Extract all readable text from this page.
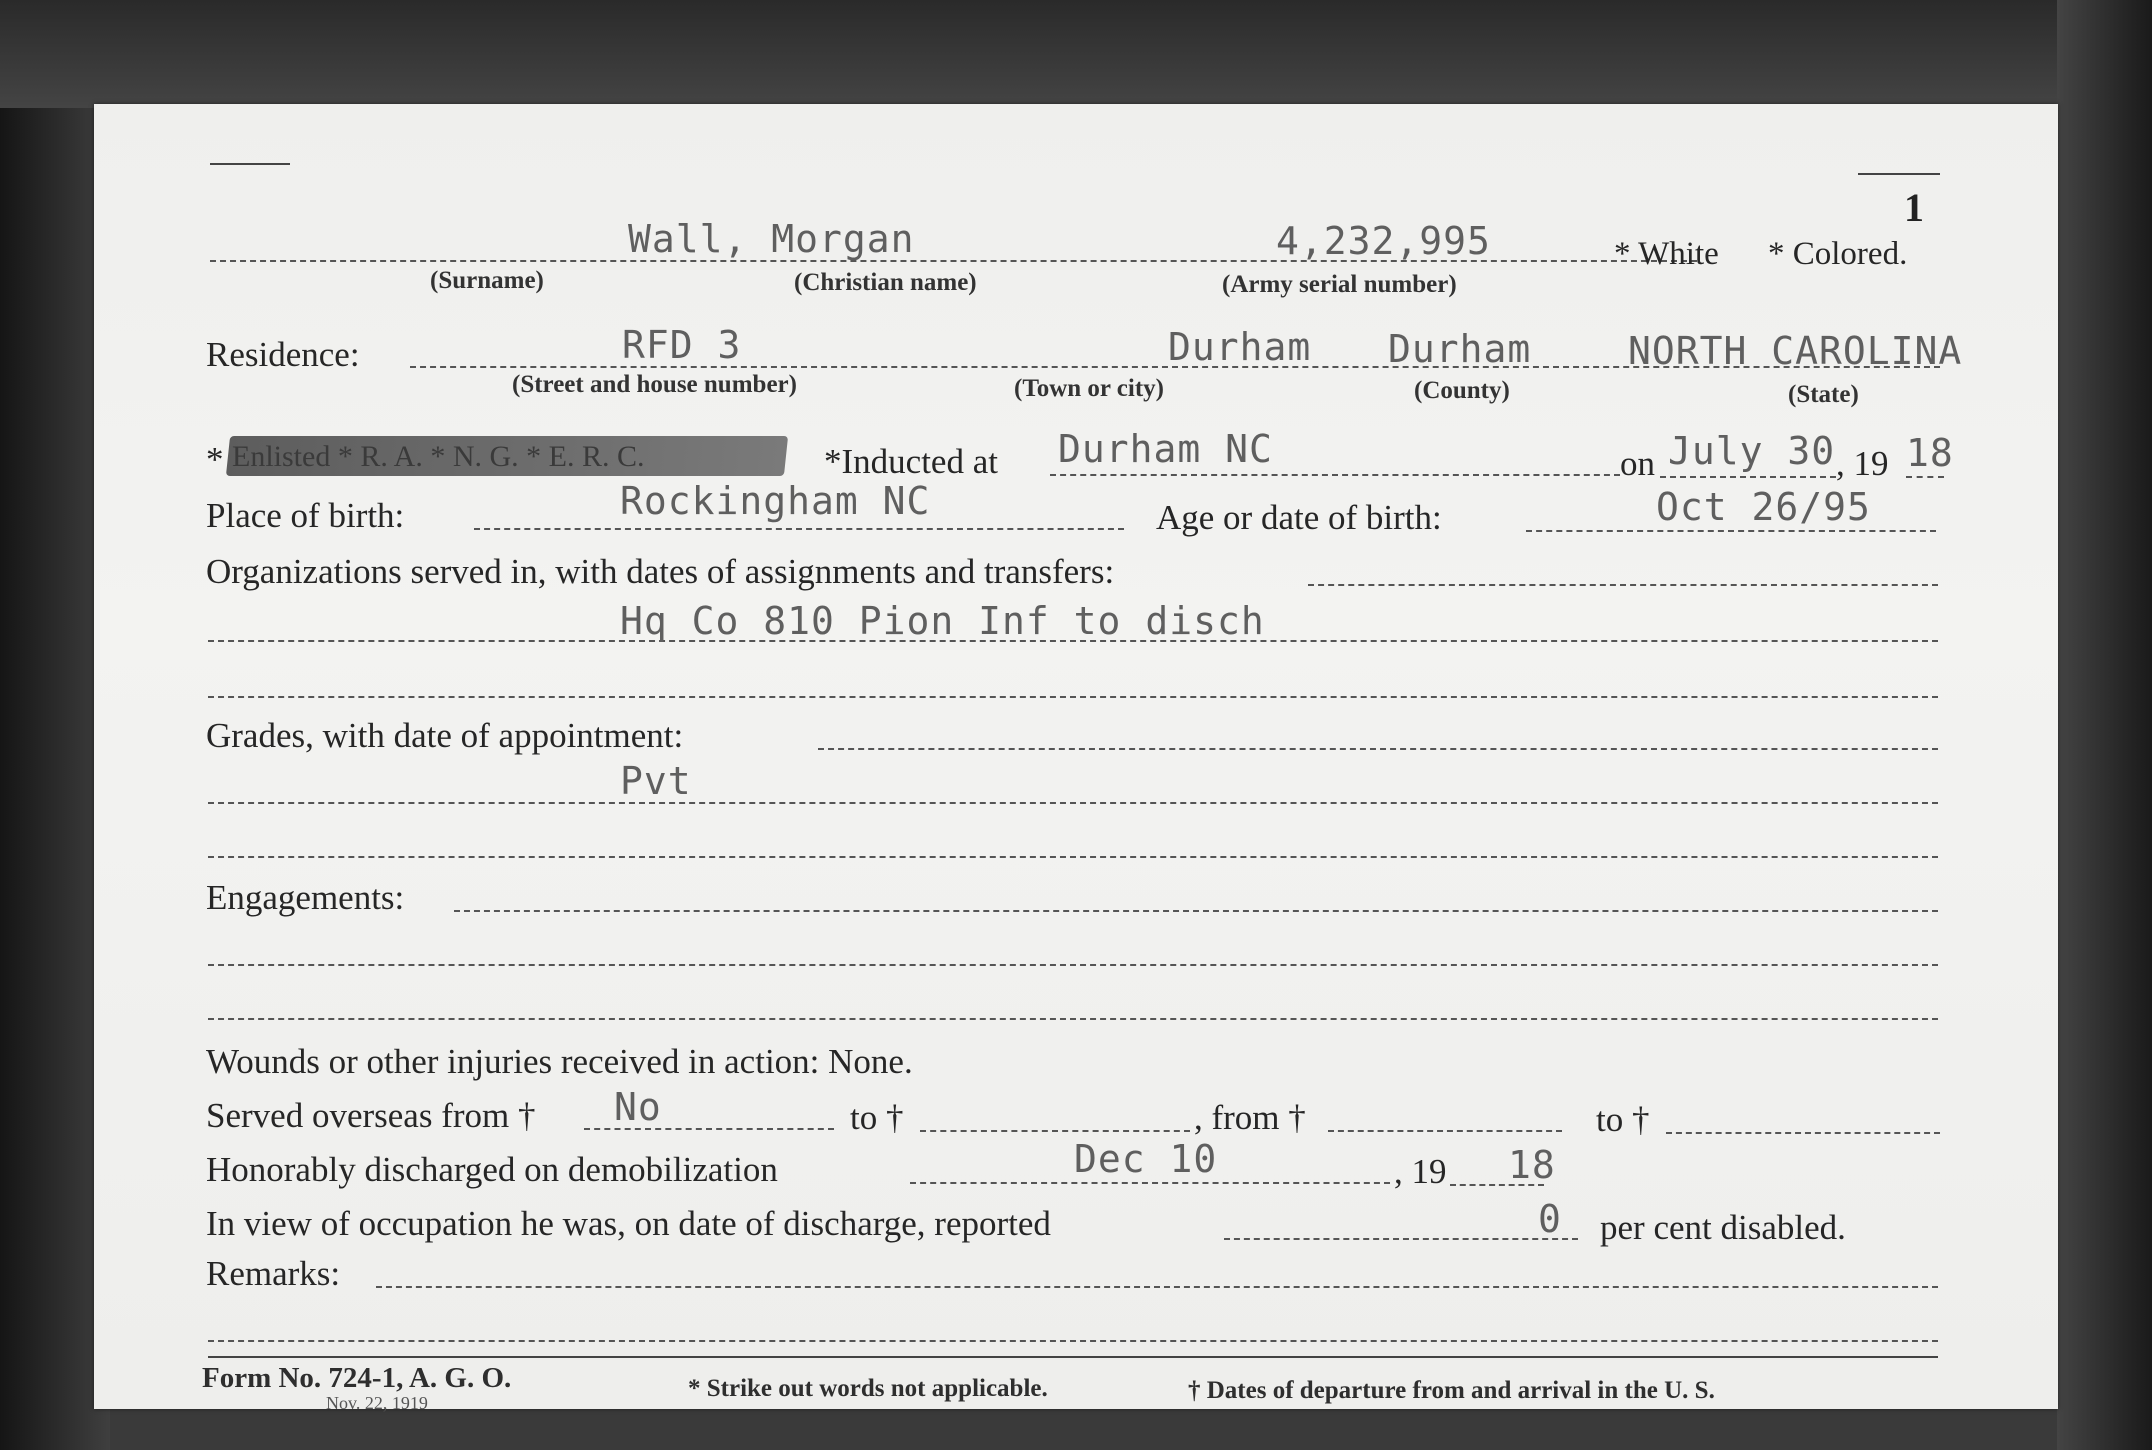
1
Wall, Morgan	4,232,995	* White * Colored.
(Surname)	(Christian name)	(Army serial number)
Residence:	RFD 3	Durham Durham	NORTH CAROLINA
(Street and house number)	(Town or city)	(County)	(State)
* Enlisted * R. A. * N. G. * E. R. C.	*Inducted at Durham NC	on July 30 , 19 18
Place of birth:	Rockingham NC	Age or date of birth:	Oct 26/95
Organizations served in, with dates of assignments and transfers:
Hq Co 810 Pion Inf to disch
Grades, with date of appointment:
Pvt
Engagements:
Wounds or other injuries received in action: None.
Served overseas from † No	to †	, from †	to †
Honorably discharged on demobilization	Dec 10	, 19 18
In view of occupation he was, on date of discharge, reported	0 per cent disabled.
Remarks:
Form No. 724-1, A. G. O.
Nov. 22, 1919
* Strike out words not applicable.	† Dates of departure from and arrival in the U. S.
